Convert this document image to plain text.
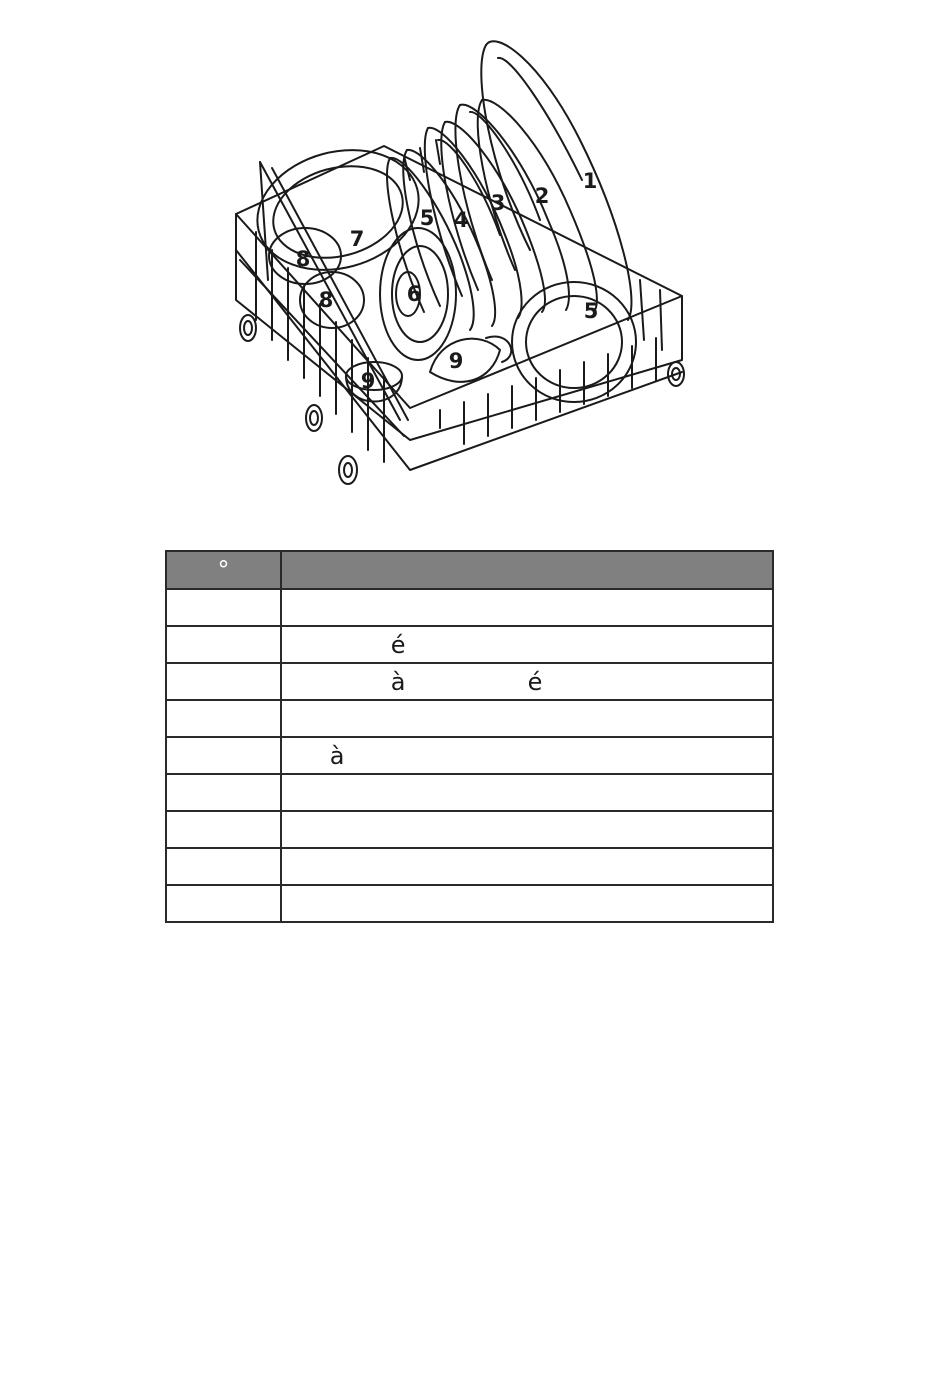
1
2
3
4
5
5
6
7
8
8
9
9
°	

	é
	à                é

	à
